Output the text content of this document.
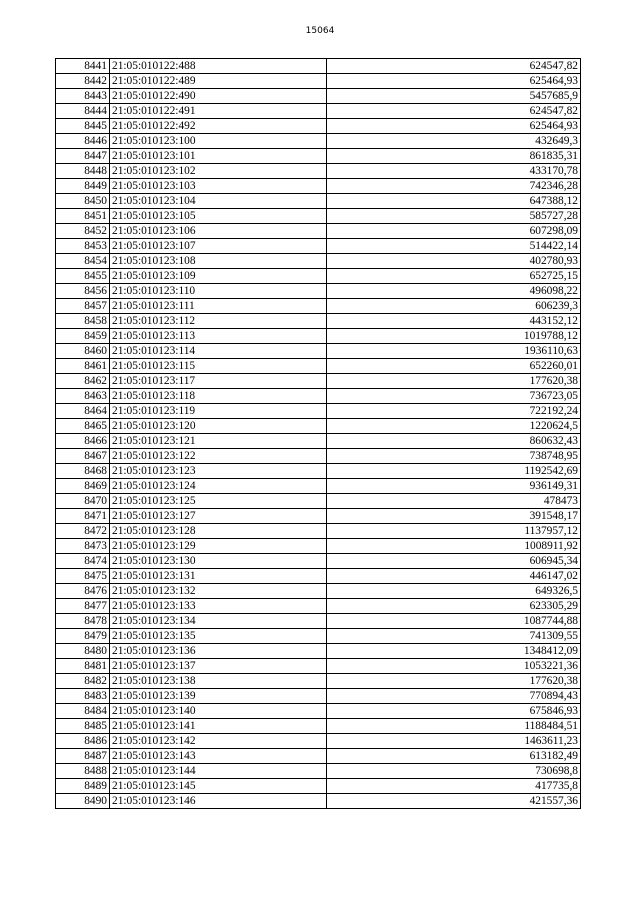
15064
8441	21:05:010122:488	624547,82
8442	21:05:010122:489	625464,93
8443	21:05:010122:490	5457685,9
8444	21:05:010122:491	624547,82
8445	21:05:010122:492	625464,93
8446	21:05:010123:100	432649,3
8447	21:05:010123:101	861835,31
8448	21:05:010123:102	433170,78
8449	21:05:010123:103	742346,28
8450	21:05:010123:104	647388,12
8451	21:05:010123:105	585727,28
8452	21:05:010123:106	607298,09
8453	21:05:010123:107	514422,14
8454	21:05:010123:108	402780,93
8455	21:05:010123:109	652725,15
8456	21:05:010123:110	496098,22
8457	21:05:010123:111	606239,3
8458	21:05:010123:112	443152,12
8459	21:05:010123:113	1019788,12
8460	21:05:010123:114	1936110,63
8461	21:05:010123:115	652260,01
8462	21:05:010123:117	177620,38
8463	21:05:010123:118	736723,05
8464	21:05:010123:119	722192,24
8465	21:05:010123:120	1220624,5
8466	21:05:010123:121	860632,43
8467	21:05:010123:122	738748,95
8468	21:05:010123:123	1192542,69
8469	21:05:010123:124	936149,31
8470	21:05:010123:125	478473
8471	21:05:010123:127	391548,17
8472	21:05:010123:128	1137957,12
8473	21:05:010123:129	1008911,92
8474	21:05:010123:130	606945,34
8475	21:05:010123:131	446147,02
8476	21:05:010123:132	649326,5
8477	21:05:010123:133	623305,29
8478	21:05:010123:134	1087744,88
8479	21:05:010123:135	741309,55
8480	21:05:010123:136	1348412,09
8481	21:05:010123:137	1053221,36
8482	21:05:010123:138	177620,38
8483	21:05:010123:139	770894,43
8484	21:05:010123:140	675846,93
8485	21:05:010123:141	1188484,51
8486	21:05:010123:142	1463611,23
8487	21:05:010123:143	613182,49
8488	21:05:010123:144	730698,8
8489	21:05:010123:145	417735,8
8490	21:05:010123:146	421557,36
